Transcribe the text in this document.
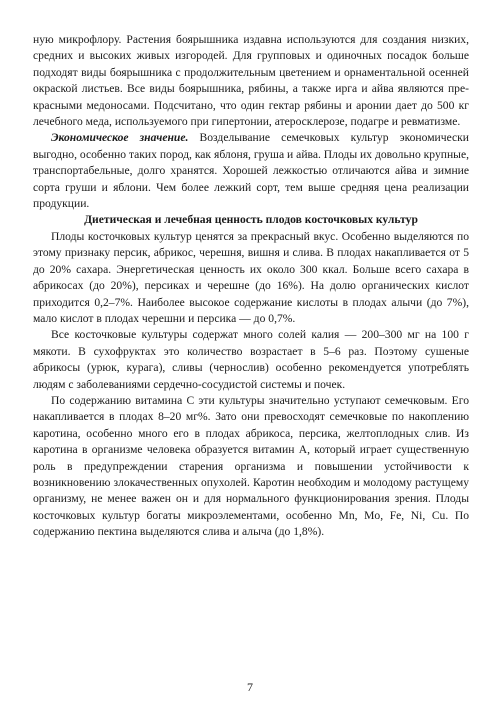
ную микрофлору. Растения боярышника издавна используются для создания низких, средних и высоких живых изгородей. Для групповых и одиночных посадок больше подходят виды боярышника с продолжительным цветением и орнаментальной осенней окраской листьев. Все виды боярышника, рябины, а также ирга и айва являются прекрасными медоносами. Подсчитано, что один гектар рябины и аронии дает до 500 кг лечебного меда, используемого при гипертонии, атеросклерозе, подагре и ревматизме.

Экономическое значение. Возделывание семечковых культур экономически выгодно, особенно таких пород, как яблоня, груша и айва. Плоды их довольно крупные, транспортабельные, долго хранятся. Хорошей лежкостью отличаются айва и зимние сорта груши и яблони. Чем более лежкий сорт, тем выше средняя цена реализации продукции.

Диетическая и лечебная ценность плодов косточковых культур

Плоды косточковых культур ценятся за прекрасный вкус. Особенно выделяются по этому признаку персик, абрикос, черешня, вишня и слива. В плодах накапливается от 5 до 20% сахара. Энергетическая ценность их около 300 ккал. Больше всего сахара в абрикосах (до 20%), персиках и черешне (до 16%). На долю органических кислот приходится 0,2–7%. Наиболее высокое содержание кислоты в плодах алычи (до 7%), мало кислот в плодах черешни и персика — до 0,7%.

Все косточковые культуры содержат много солей калия — 200–300 мг на 100 г мякоти. В сухофруктах это количество возрастает в 5–6 раз. Поэтому сушеные абрикосы (урюк, курага), сливы (чернослив) особенно рекомендуется употреблять людям с заболеваниями сердечно-сосудистой системы и почек.

По содержанию витамина С эти культуры значительно уступают семечковым. Его накапливается в плодах 8–20 мг%. Зато они превосходят семечковые по накоплению каротина, особенно много его в плодах абрикоса, персика, желтоплодных слив. Из каротина в организме человека образуется витамин А, который играет существенную роль в предупреждении старения организма и повышении устойчивости к возникновению злокачественных опухолей. Каротин необходим и молодому растущему организму, не менее важен он и для нормального функционирования зрения. Плоды косточковых культур богаты микроэлементами, особенно Mn, Mo, Fe, Ni, Cu. По содержанию пектина выделяются слива и алыча (до 1,8%).

7
